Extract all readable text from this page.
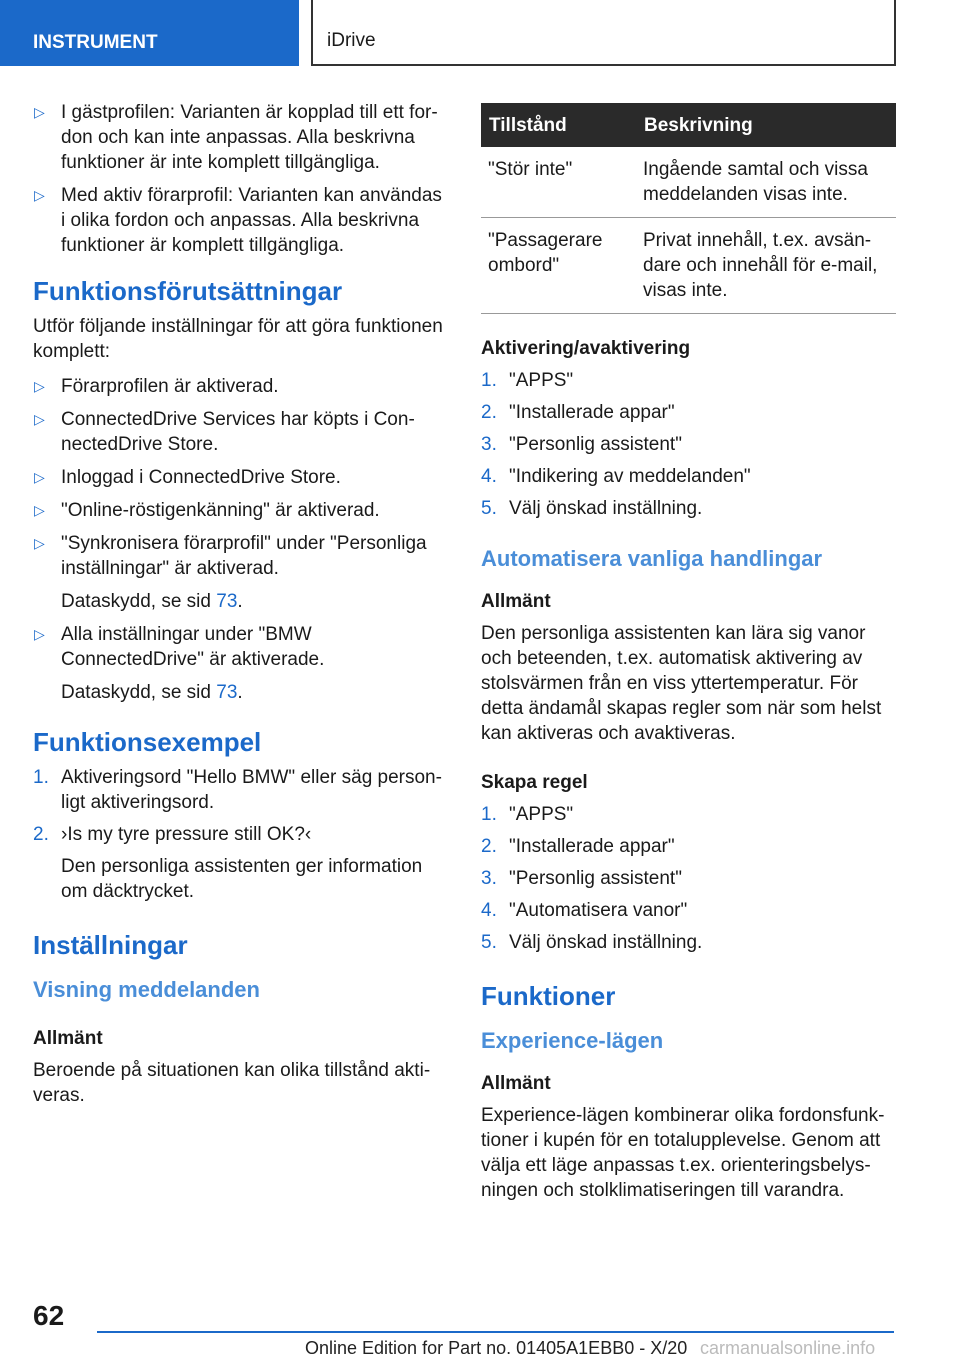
INSTRUMENT	iDrive
▷ I gästprofilen: Varianten är kopplad till ett fordon och kan inte anpassas. Alla beskrivna funktioner är inte komplett tillgängliga.
▷ Med aktiv förarprofil: Varianten kan användas i olika fordon och anpassas. Alla beskrivna funktioner är komplett tillgängliga.
Funktionsförutsättningar

Utför följande inställningar för att göra funktionen komplett:

▷ Förarprofilen är aktiverad.
▷ ConnectedDrive Services har köpts i ConnectedDrive Store.
▷ Inloggad i ConnectedDrive Store.
▷ "Online-röstigenkänning" är aktiverad.
▷ "Synkronisera förarprofil" under "Personliga inställningar" är aktiverad.

Dataskydd, se sid 73.

▷ Alla inställningar under "BMW ConnectedDrive" är aktiverade.

Dataskydd, se sid 73.

Funktionsexempel
1. Aktiveringsord "Hello BMW" eller säg personligt aktiveringsord.
2. ›Is my tyre pressure still OK?‹

Den personliga assistenten ger information om däcktrycket.

Inställningar
Visning meddelanden
Allmänt

Beroende på situationen kan olika tillstånd aktiveras.

Tillstånd	Beskrivning
"Stör inte"	Ingående samtal och vissa meddelanden visas inte.
"Passagerare ombord"	Privat innehåll, t.ex. avsändare och innehåll för e-mail, visas inte.
Aktivering/avaktivering
1. "APPS"
2. "Installerade appar"
3. "Personlig assistent"
4. "Indikering av meddelanden"
5. Välj önskad inställning.
Automatisera vanliga handlingar
Allmänt

Den personliga assistenten kan lära sig vanor och beteenden, t.ex. automatisk aktivering av stolsvärmen från en viss yttertemperatur. För detta ändamål skapas regler som när som helst kan aktiveras och avaktiveras.

Skapa regel
1. "APPS"
2. "Installerade appar"
3. "Personlig assistent"
4. "Automatisera vanor"
5. Välj önskad inställning.
Funktioner
Experience-lägen
Allmänt

Experience-lägen kombinerar olika fordonsfunktioner i kupén för en totalupplevelse. Genom att välja ett läge anpassas t.ex. orienteringsbelysningen och stolklimatiseringen till varandra.

62
Online Edition for Part no. 01405A1EBB0 - X/20 carmanualsonline.info
